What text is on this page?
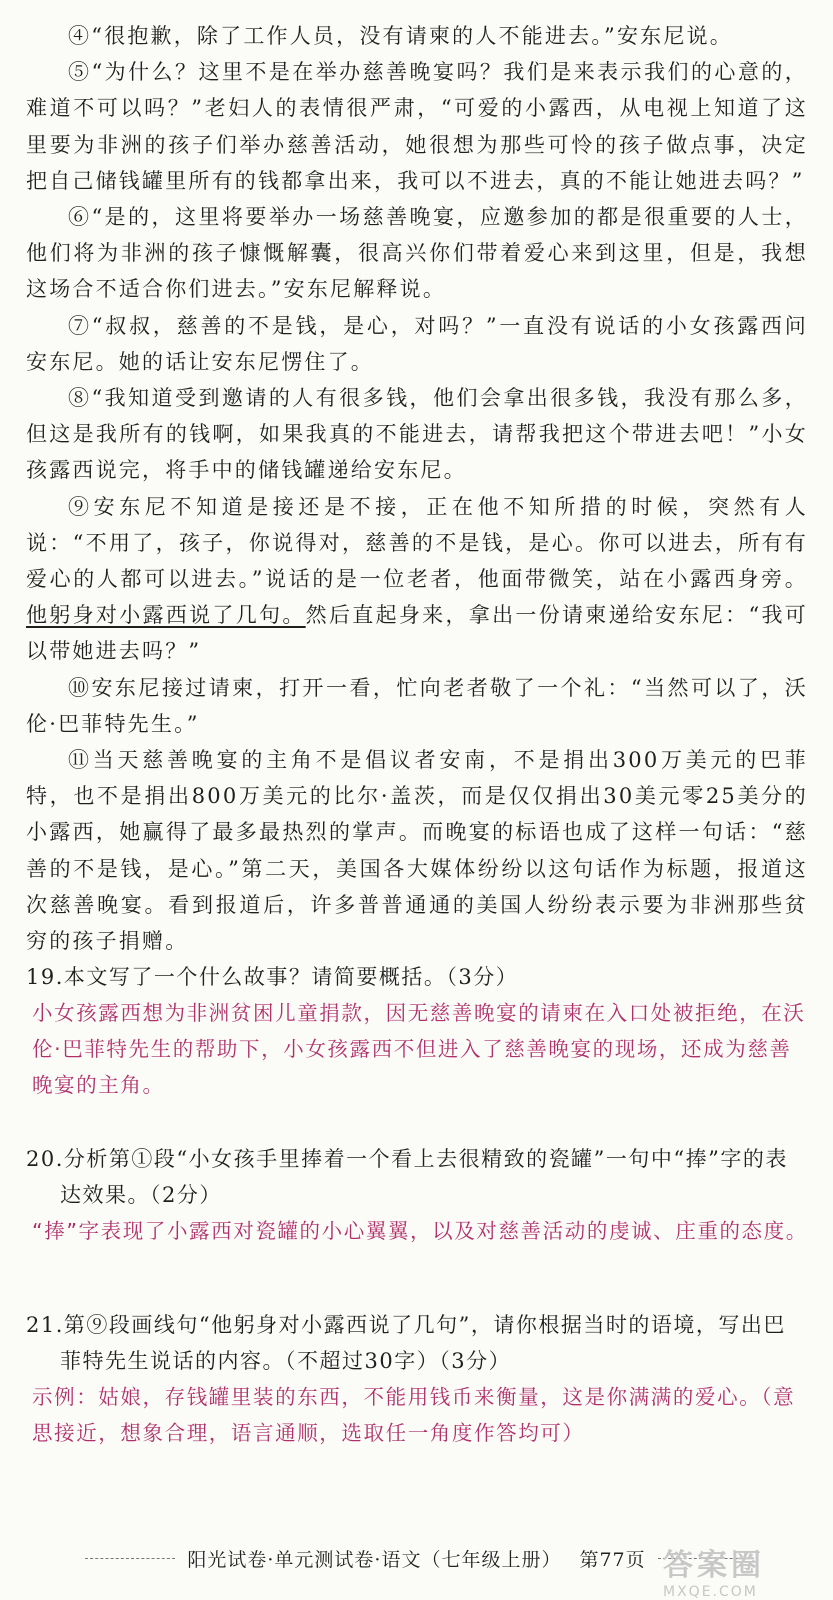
④“很抱歉，除了工作人员，没有请柬的人不能进去。”安东尼说。

⑤“为什么？这里不是在举办慈善晚宴吗？我们是来表示我们的心意的，难道不可以吗？”老妇人的表情很严肃，“可爱的小露西，从电视上知道了这里要为非洲的孩子们举办慈善活动，她很想为那些可怜的孩子做点事，决定把自己储钱罐里所有的钱都拿出来，我可以不进去，真的不能让她进去吗？”

⑥“是的，这里将要举办一场慈善晚宴，应邀参加的都是很重要的人士，他们将为非洲的孩子慷慨解囊，很高兴你们带着爱心来到这里，但是，我想这场合不适合你们进去。”安东尼解释说。

⑦“叔叔，慈善的不是钱，是心，对吗？”一直没有说话的小女孩露西问安东尼。她的话让安东尼愣住了。

⑧“我知道受到邀请的人有很多钱，他们会拿出很多钱，我没有那么多，但这是我所有的钱啊，如果我真的不能进去，请帮我把这个带进去吧！”小女孩露西说完，将手中的储钱罐递给安东尼。

⑨安东尼不知道是接还是不接，正在他不知所措的时候，突然有人说：“不用了，孩子，你说得对，慈善的不是钱，是心。你可以进去，所有有爱心的人都可以进去。”说话的是一位老者，他面带微笑，站在小露西身旁。他躬身对小露西说了几句。然后直起身来，拿出一份请柬递给安东尼：“我可以带她进去吗？”

⑩安东尼接过请柬，打开一看，忙向老者敬了一个礼：“当然可以了，沃伦·巴菲特先生。”

⑪当天慈善晚宴的主角不是倡议者安南，不是捐出300万美元的巴菲特，也不是捐出800万美元的比尔·盖茨，而是仅仅捐出30美元零25美分的小露西，她赢得了最多最热烈的掌声。而晚宴的标语也成了这样一句话：“慈善的不是钱，是心。”第二天，美国各大媒体纷纷以这句话作为标题，报道这次慈善晚宴。看到报道后，许多普普通通的美国人纷纷表示要为非洲那些贫穷的孩子捐赠。

19.本文写了一个什么故事？请简要概括。（3分）

小女孩露西想为非洲贫困儿童捐款，因无慈善晚宴的请柬在入口处被拒绝，在沃伦·巴菲特先生的帮助下，小女孩露西不但进入了慈善晚宴的现场，还成为慈善晚宴的主角。

20.分析第①段“小女孩手里捧着一个看上去很精致的瓷罐”一句中“捧”字的表达效果。（2分）

“捧”字表现了小露西对瓷罐的小心翼翼，以及对慈善活动的虔诚、庄重的态度。

21.第⑨段画线句“他躬身对小露西说了几句”，请你根据当时的语境，写出巴菲特先生说话的内容。（不超过30字）（3分）

示例：姑娘，存钱罐里装的东西，不能用钱币来衡量，这是你满满的爱心。（意思接近，想象合理，语言通顺，选取任一角度作答均可）

阳光试卷·单元测试卷·语文（七年级上册） 第77页 答案圈
MXQE.COM
